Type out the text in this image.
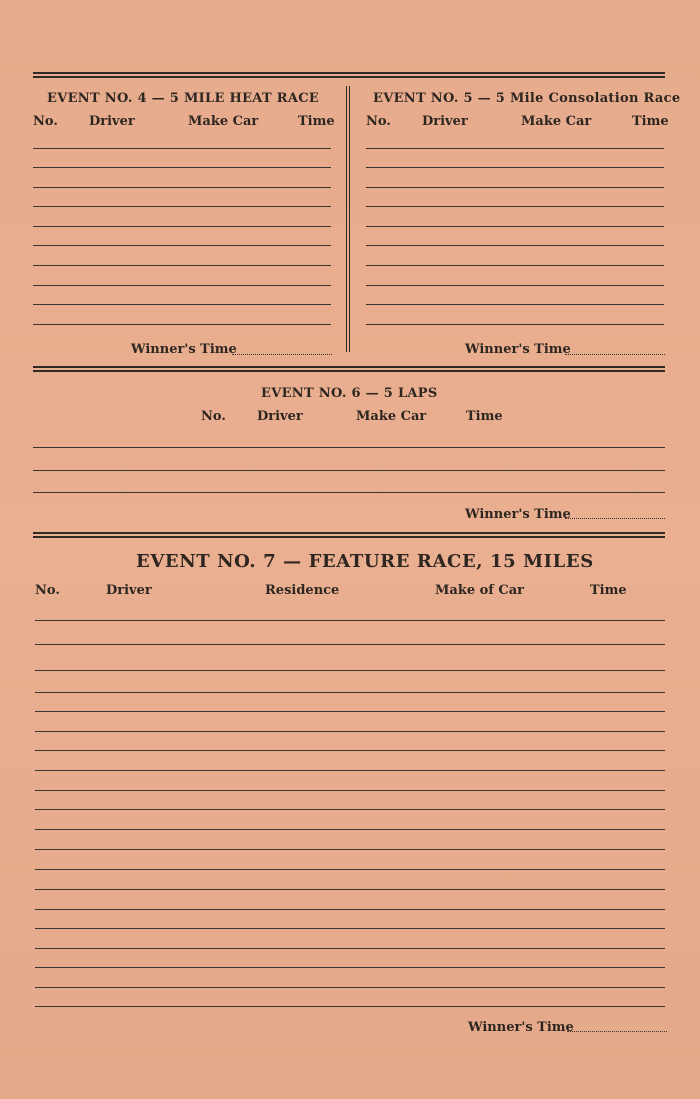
EVENT NO. 4 — 5 MILE HEAT RACE
No. Driver	Make Car	Time
Winner's Time
EVENT NO. 5 — 5 Mile Consolation Race
No. Driver	Make Car	Time
Winner's Time
EVENT NO. 6 — 5 LAPS
No. Driver	Make Car	Time
Winner's Time
EVENT NO. 7 — FEATURE RACE, 15 MILES
No.	Driver	Residence	Make of Car	Time
Winner's Time
